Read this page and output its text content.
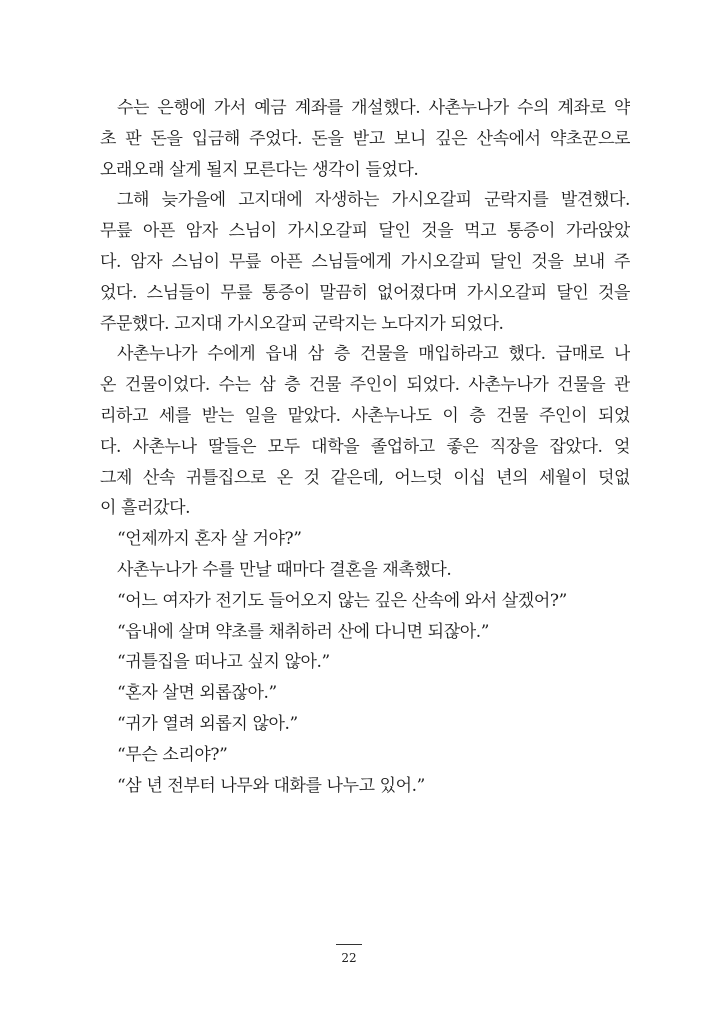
수는 은행에 가서 예금 계좌를 개설했다. 사촌누나가 수의 계좌로 약
초 판 돈을 입금해 주었다. 돈을 받고 보니 깊은 산속에서 약초꾼으로
오래오래 살게 될지 모른다는 생각이 들었다.
그해 늦가을에 고지대에 자생하는 가시오갈피 군락지를 발견했다.
무릎 아픈 암자 스님이 가시오갈피 달인 것을 먹고 통증이 가라앉았
다. 암자 스님이 무릎 아픈 스님들에게 가시오갈피 달인 것을 보내 주
었다. 스님들이 무릎 통증이 말끔히 없어졌다며 가시오갈피 달인 것을
주문했다. 고지대 가시오갈피 군락지는 노다지가 되었다.
사촌누나가 수에게 읍내 삼 층 건물을 매입하라고 했다. 급매로 나
온 건물이었다. 수는 삼 층 건물 주인이 되었다. 사촌누나가 건물을 관
리하고 세를 받는 일을 맡았다. 사촌누나도 이 층 건물 주인이 되었
다. 사촌누나 딸들은 모두 대학을 졸업하고 좋은 직장을 잡았다. 엊
그제 산속 귀틀집으로 온 것 같은데, 어느덧 이십 년의 세월이 덧없
이 흘러갔다.
“언제까지 혼자 살 거야?”
사촌누나가 수를 만날 때마다 결혼을 재촉했다.
“어느 여자가 전기도 들어오지 않는 깊은 산속에 와서 살겠어?”
“읍내에 살며 약초를 채취하러 산에 다니면 되잖아.”
“귀틀집을 떠나고 싶지 않아.”
“혼자 살면 외롭잖아.”
“귀가 열려 외롭지 않아.”
“무슨 소리야?”
“삼 년 전부터 나무와 대화를 나누고 있어.”
22
